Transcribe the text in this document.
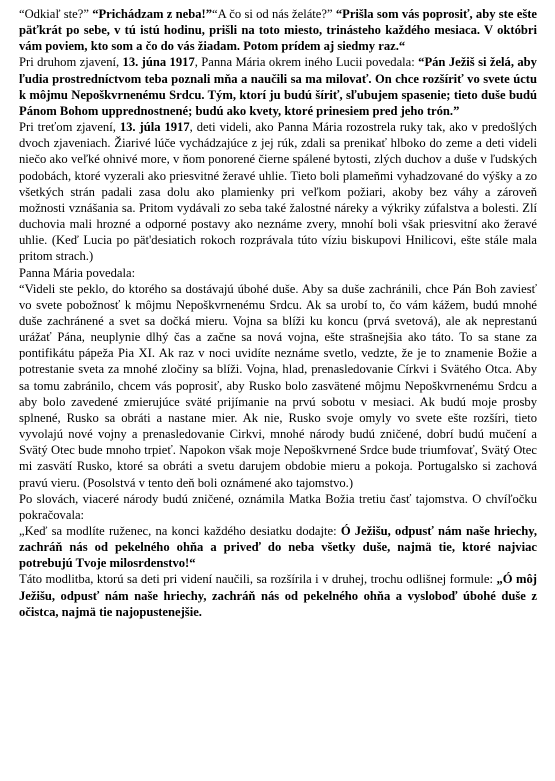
“Odkiaľ ste?” “Prichádzam z neba!”“A čo si od nás želáte?” “Prišla som vás poprosiť, aby ste ešte päťkrát po sebe, v tú istú hodinu, prišli na toto miesto, trinásteho každého mesiaca. V októbri vám poviem, kto som a čo do vás žiadam. Potom prídem aj siedmy raz.“

Pri druhom zjavení, 13. júna 1917, Panna Mária okrem iného Lucii povedala: “Pán Ježiš si želá, aby ľudia prostredníctvom teba poznali mňa a naučili sa ma milovať. On chce rozšíriť vo svete úctu k môjmu Nepoškvrnenému Srdcu. Tým, ktorí ju budú šíriť, sľubujem spasenie; tieto duše budú Pánom Bohom upprednostnené; budú ako kvety, ktoré prinesiem pred jeho trón.”

Pri treťom zjavení, 13. júla 1917, deti videli, ako Panna Mária rozostrela ruky tak, ako v predošlých dvoch zjaveniach. Žiarivé lúče vychádzajúce z jej rúk, zdali sa prenikať hlboko do zeme a deti videli niečo ako veľké ohnivé more, v ňom ponorené čierne spálené bytosti, zlých duchov a duše v ľudských podobách, ktoré vyzerali ako priesvitné žeravé uhlie. Tieto boli plameňmi vyhadzované do výšky a zo všetkých strán padali zasa dolu ako plamienky pri veľkom požiari, akoby bez váhy a zároveň možnosti vznášania sa. Pritom vydávali zo seba také žalostné nárekу a výkriky zúfalstva a bolesti. Zlí duchovia mali hrozné a odporné postavy ako neznáme zvery, mnohí boli však priesvitní ako žeravé uhlie. (Keď Lucia po pät'desiatich rokoch rozprávala túto víziu biskupovi Hnilicovi, ešte stále mala pritom strach.)

Panna Mária povedala:

“Videli ste peklo, do ktorého sa dostávajú úbohé duše. Aby sa duše zachránili, chce Pán Boh zaviesť vo svete pobožnosť k môjmu Nepoškvrnenému Srdcu. Ak sa urobí to, čo vám kážem, budú mnohé duše zachránené a svet sa dočká mieru. Vojna sa blíži ku koncu (prvá svetová), ale ak neprestanú urážať Pána, neuplynie dlhý čas a začne sa nová vojna, ešte strašnejšia ako táto. To sa stane za pontifikátu pápeža Pia XI. Ak raz v noci uvidíte neznáme svetlo, vedzte, že je to znamenie Božie a potrestanie sveta za mnohé zločiny sa blíži. Vojna, hlad, prenasledovanie Církvi i Svätého Otca. Aby sa tomu zabránilo, chcem vás poprosiť, aby Rusko bolo zasvätené môjmu Nepoškvrnenému Srdcu a aby bolo zavedené zmierujúce sväté prijímanie na prvú sobotu v mesiaci. Ak budú moje prosby splnené, Rusko sa obráti a nastane mier. Ak nie, Rusko svoje omyly vo svete ešte rozšíri, tieto vyvolajú nové vojny a prenasledovanie Cirkvi, mnohé národy budú zničené, dobrí budú mučení a Svätý Otec bude mnoho trpieť. Napokon však moje Nepoškvrnené Srdce bude triumfovať, Svätý Otec mi zasvätí Rusko, ktoré sa obráti a svetu darujem obdobie mieru a pokoja. Portugalsko si zachová pravú vieru. (Posolstvá v tento deň boli oznámené ako tajomstvo.)

Po slovách, viaceré národy budú zničené, oznámila Matka Božia tretiu časť tajomstva. O chvíľočku pokračovala:

„Keď sa modlíte ruženec, na konci každého desiatku dodajte: Ó Ježišu, odpusť nám naše hriechy, zachráň nás od pekelného ohňa a priveď do neba všetky duše, najmä tie, ktoré najviac potrebujú Tvoje milosrdenstvo!“

Táto modlitba, ktorú sa deti pri videní naučili, sa rozšírila i v druhej, trochu odlišnej formule: „Ó môj Ježišu, odpusť nám naše hriechy, zachráň nás od pekelného ohňa a vysloboď úbohé duše z očistca, najmä tie najopustenejšie.
